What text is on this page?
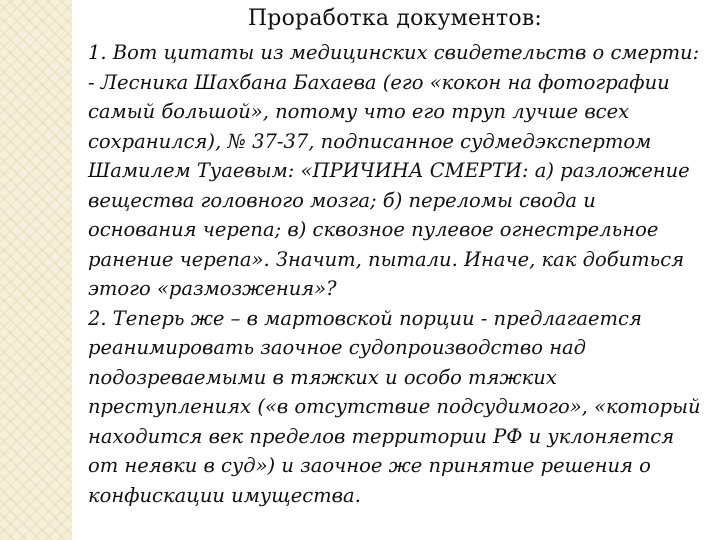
Проработка документов:

1. Вот цитаты из медицинских свидетельств о смерти:

- Лесника Шахбана Бахаева (его «кокон на фотографии самый большой», потому что его труп лучше всех сохранился), № 37-37, подписанное судмедэкспертом Шамилем Туаевым: «ПРИЧИНА СМЕРТИ: а) разложение вещества головного мозга; б) переломы свода и основания черепа; в) сквозное пулевое огнестрельное ранение черепа». Значит, пытали. Иначе, как добиться этого «размозжения»?

2. Теперь же – в мартовской порции - предлагается реанимировать заочное судопроизводство над подозреваемыми в тяжких и особо тяжких преступлениях («в отсутствие подсудимого», «который находится век пределов территории РФ и уклоняется от неявки в суд») и заочное же принятие решения о конфискации имущества.
